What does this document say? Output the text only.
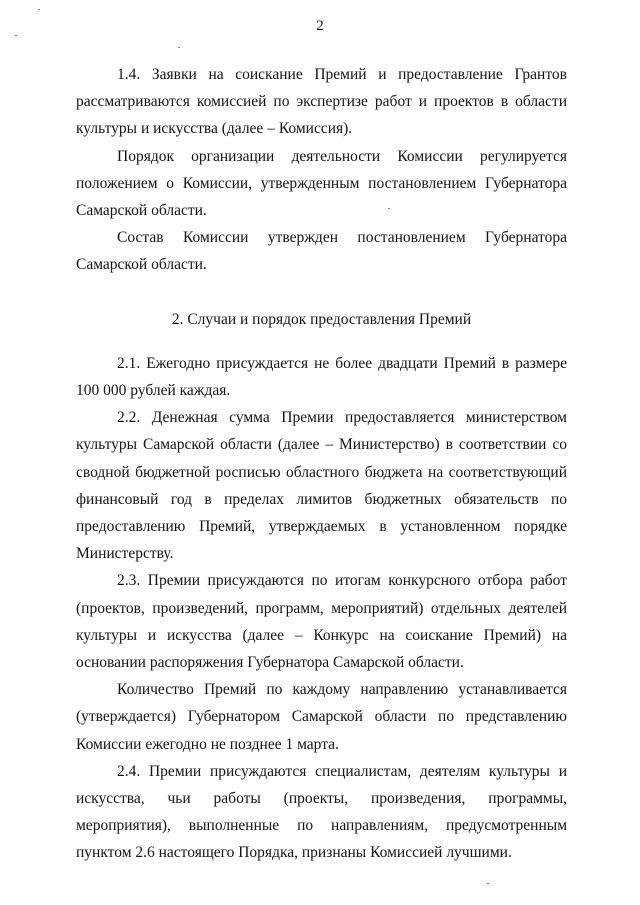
2

1.4. Заявки на соискание Премий и предоставление Грантов рассматриваются комиссией по экспертизе работ и проектов в области культуры и искусства (далее – Комиссия).

Порядок организации деятельности Комиссии регулируется положением о Комиссии, утвержденным постановлением Губернатора Самарской области.

Состав Комиссии утвержден постановлением Губернатора Самарской области.

2. Случаи и порядок предоставления Премий

2.1. Ежегодно присуждается не более двадцати Премий в размере 100 000 рублей каждая.

2.2. Денежная сумма Премии предоставляется министерством культуры Самарской области (далее – Министерство) в соответствии со сводной бюджетной росписью областного бюджета на соответствующий финансовый год в пределах лимитов бюджетных обязательств по предоставлению Премий, утверждаемых в установленном порядке Министерству.

2.3. Премии присуждаются по итогам конкурсного отбора работ (проектов, произведений, программ, мероприятий) отдельных деятелей культуры и искусства (далее – Конкурс на соискание Премий) на основании распоряжения Губернатора Самарской области.

Количество Премий по каждому направлению устанавливается (утверждается) Губернатором Самарской области по представлению Комиссии ежегодно не позднее 1 марта.

2.4. Премии присуждаются специалистам, деятелям культуры и искусства, чьи работы (проекты, произведения, программы, мероприятия), выполненные по направлениям, предусмотренным пунктом 2.6 настоящего Порядка, признаны Комиссией лучшими.
